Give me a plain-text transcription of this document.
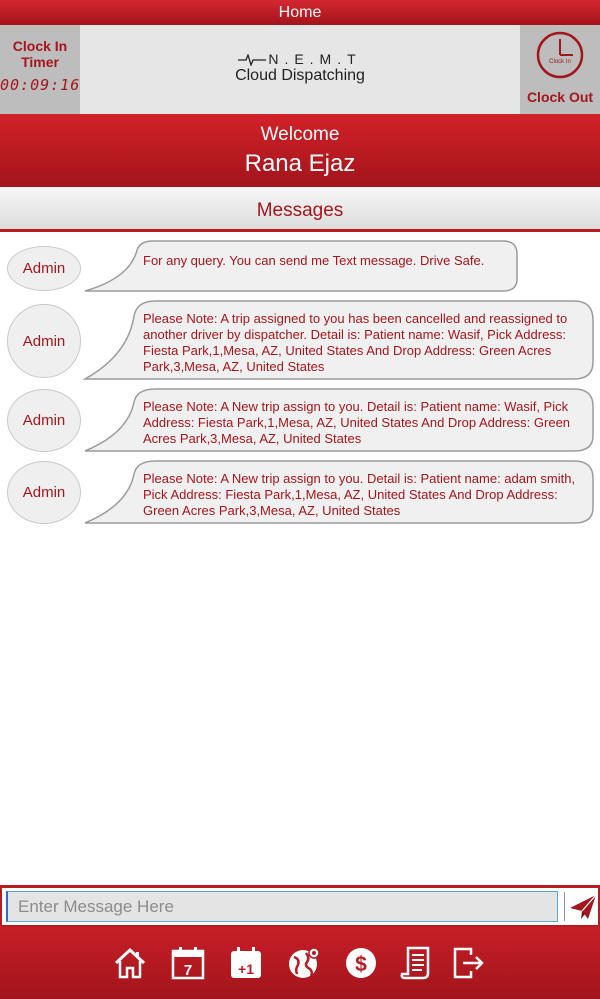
Home
Clock In Timer
00:09:16
N.E.M.T
Cloud Dispatching
Clock In
Clock Out
Welcome
Rana Ejaz
Messages
Admin	For any query. You can send me Text message. Drive Safe.
Admin
Please Note: A trip assigned to you has been cancelled and reassigned to another driver by dispatcher. Detail is: Patient name: Wasif, Pick Address: Fiesta Park,1,Mesa, AZ, United States And Drop Address: Green Acres Park,3,Mesa, AZ, United States
Admin
Please Note: A New trip assign to you. Detail is: Patient name: Wasif, Pick Address: Fiesta Park,1,Mesa, AZ, United States And Drop Address: Green Acres Park,3,Mesa, AZ, United States
Admin
Please Note: A New trip assign to you. Detail is: Patient name: adam smith, Pick Address: Fiesta Park,1,Mesa, AZ, United States And Drop Address: Green Acres Park,3,Mesa, AZ, United States
Enter Message Here
7	+1	$
